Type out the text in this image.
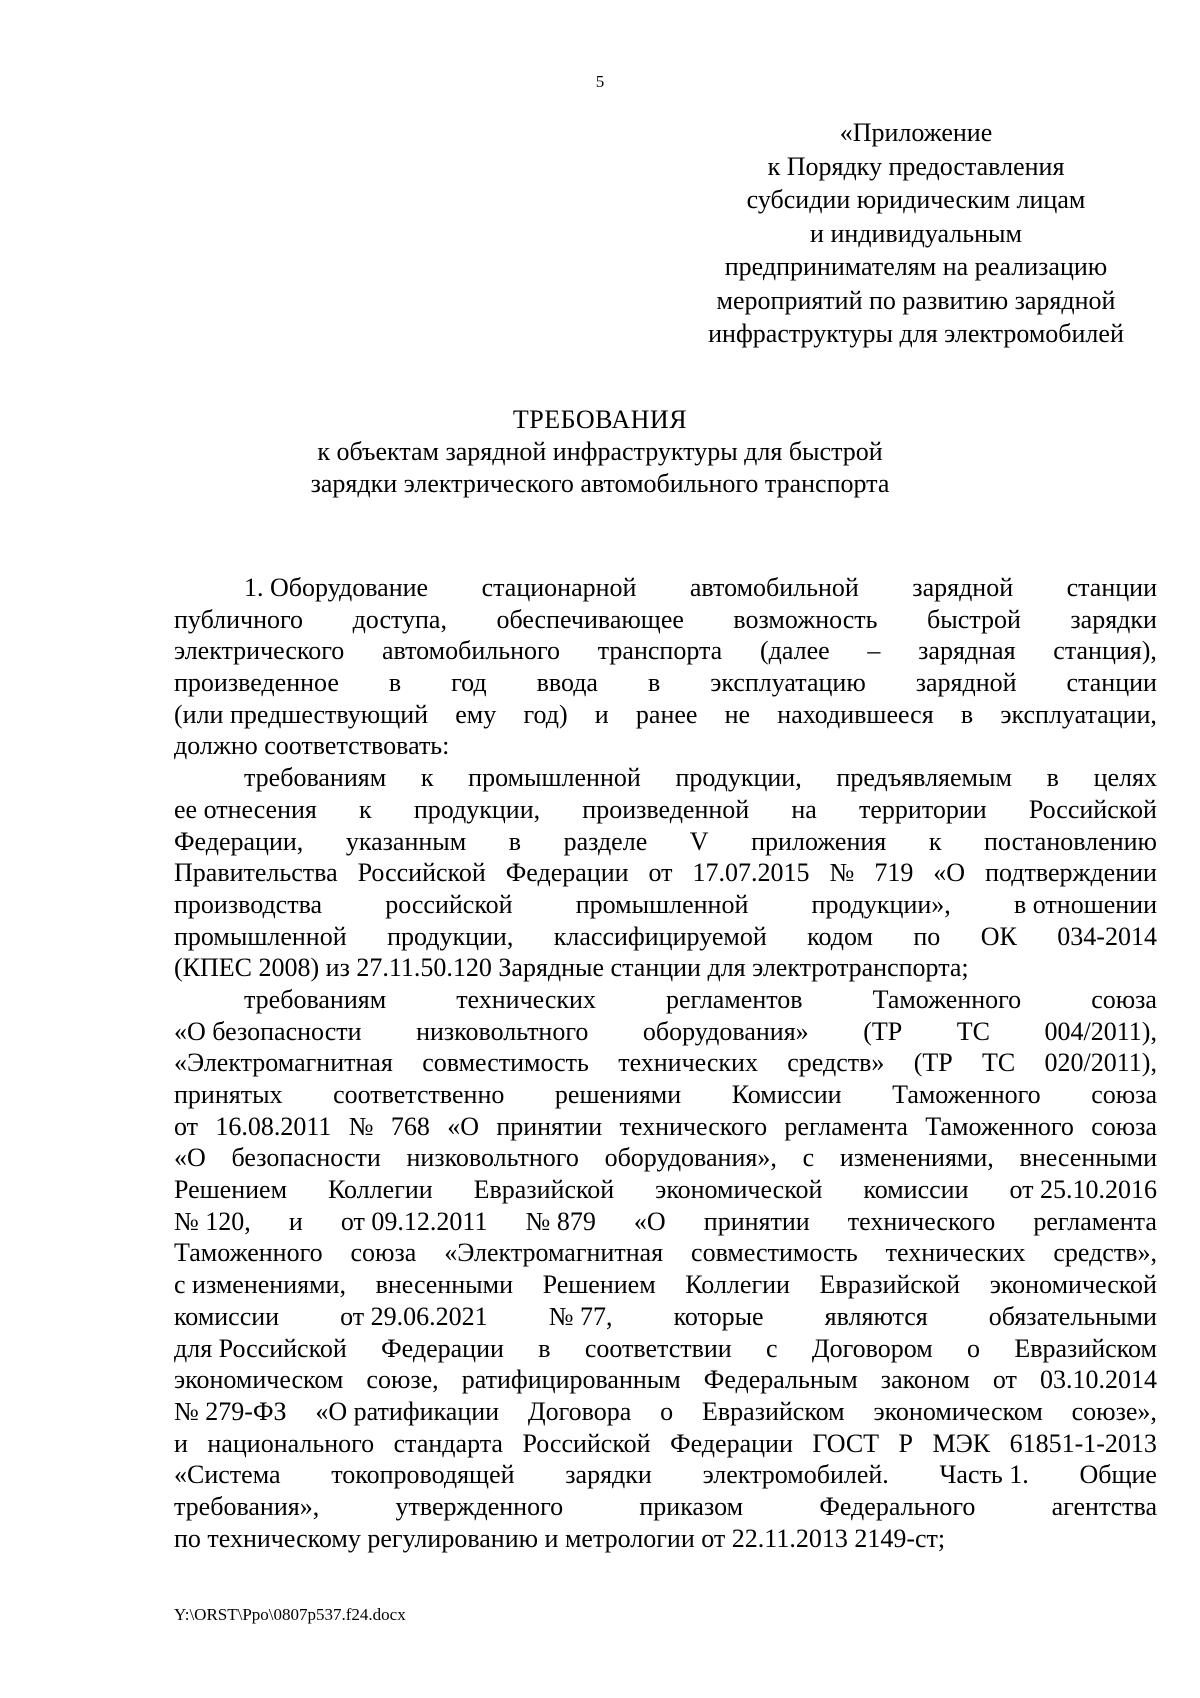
5
«Приложение
к Порядку предоставления
субсидии юридическим лицам
и индивидуальным
предпринимателям на реализацию
мероприятий по развитию зарядной
инфраструктуры для электромобилей
ТРЕБОВАНИЯ
к объектам зарядной инфраструктуры для быстрой
зарядки электрического автомобильного транспорта
1. Оборудование стационарной автомобильной зарядной станции
публичного доступа, обеспечивающее возможность быстрой зарядки
электрического автомобильного транспорта (далее – зарядная станция),
произведенное в год ввода в эксплуатацию зарядной станции
(или предшествующий ему год) и ранее не находившееся в эксплуатации,
должно соответствовать:
требованиям к промышленной продукции, предъявляемым в целях
ее отнесения к продукции, произведенной на территории Российской
Федерации, указанным в разделе V приложения к постановлению
Правительства Российской Федерации от 17.07.2015 № 719 «О подтверждении
производства российской промышленной продукции», в отношении
промышленной продукции, классифицируемой кодом по ОК 034-2014
(КПЕС 2008) из 27.11.50.120 Зарядные станции для электротранспорта;
требованиям	технических	регламентов	Таможенного	союза
«О безопасности низковольтного оборудования» (ТР ТС 004/2011),
«Электромагнитная совместимость технических средств» (ТР ТС 020/2011),
принятых соответственно решениями Комиссии Таможенного союза
от 16.08.2011 № 768 «О принятии технического регламента Таможенного союза
«О безопасности низковольтного оборудования», с изменениями, внесенными
Решением Коллегии Евразийской экономической комиссии от 25.10.2016
№ 120, и от 09.12.2011 № 879 «О принятии технического регламента
Таможенного союза «Электромагнитная совместимость технических средств»,
с изменениями, внесенными Решением Коллегии Евразийской экономической
комиссии от 29.06.2021 № 77, которые являются обязательными
для Российской Федерации в соответствии с Договором о Евразийском
экономическом союзе, ратифицированным Федеральным законом от 03.10.2014
№ 279-ФЗ «О ратификации Договора о Евразийском экономическом союзе»,
и национального стандарта Российской Федерации ГОСТ Р МЭК 61851-1-2013
«Система токопроводящей зарядки электромобилей. Часть 1. Общие
требования»,	утвержденного	приказом	Федерального	агентства
по техническому регулированию и метрологии от 22.11.2013 2149-ст;
Y:\ORST\Ppo\0807p537.f24.docx
